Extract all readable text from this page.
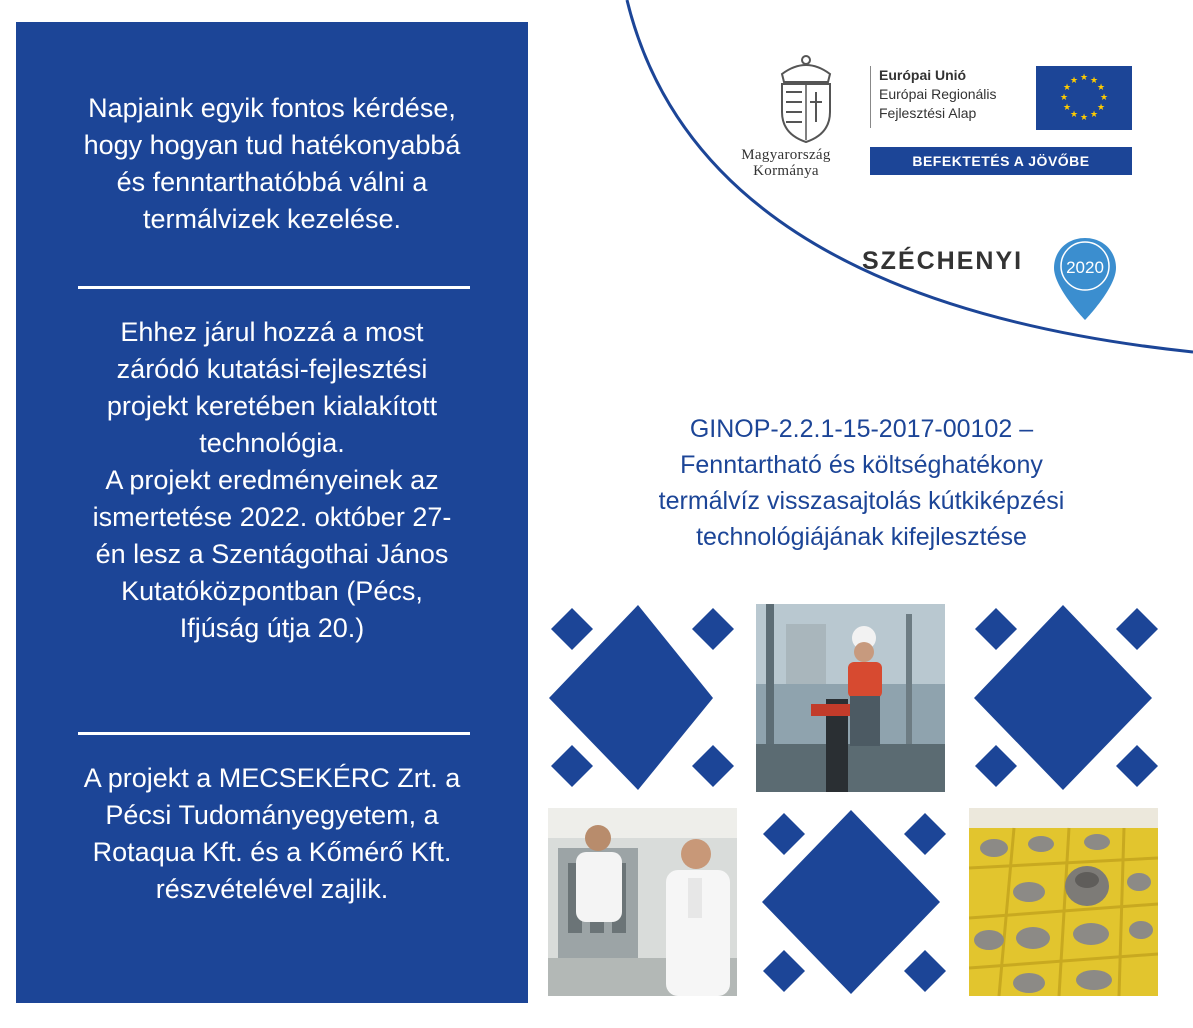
Napjaink egyik fontos kérdése,
hogy hogyan tud hatékonyabbá
és fenntarthatóbbá válni a
termálvizek kezelése.
Ehhez járul hozzá a most
záródó kutatási-fejlesztési
projekt keretében kialakított
technológia.
A projekt eredményeinek az
ismertetése 2022. október 27-
én lesz a Szentágothai János
Kutatóközpontban (Pécs,
Ifjúság útja 20.)
A projekt a MECSEKÉRC Zrt. a
Pécsi Tudományegyetem, a
Rotaqua Kft. és a Kőmérő Kft.
részvételével zajlik.
Magyarország
Kormánya
Európai Unió
Európai Regionális
Fejlesztési Alap
★ ★
★
★
★
★
★
★
★
★
★
★
BEFEKTETÉS A JÖVŐBE
SZÉCHENYI	2020
GINOP-2.2.1-15-2017-00102 –
Fenntartható és költséghatékony
termálvíz visszasajtolás kútkiképzési
technológiájának kifejlesztése
